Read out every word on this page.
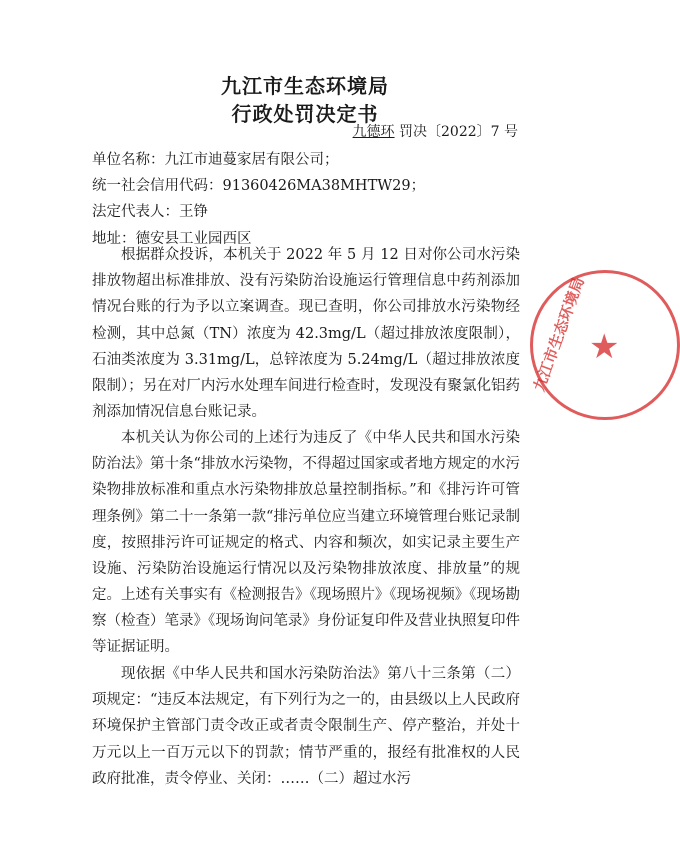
九江市生态环境局
行政处罚决定书
九德环 罚决〔2022〕7 号
单位名称：九江市迪蔓家居有限公司；
统一社会信用代码：91360426MA38MHTW29；
法定代表人：王铮
地址：德安县工业园西区
根据群众投诉，本机关于 2022 年 5 月 12 日对你公司水污染排放物超出标准排放、没有污染防治设施运行管理信息中药剂添加情况台账的行为予以立案调查。现已查明，你公司排放水污染物经检测，其中总氮（TN）浓度为 42.3mg/L（超过排放浓度限制），石油类浓度为 3.31mg/L，总锌浓度为 5.24mg/L（超过排放浓度限制）；另在对厂内污水处理车间进行检查时，发现没有聚氯化铝药剂添加情况信息台账记录。
本机关认为你公司的上述行为违反了《中华人民共和国水污染防治法》第十条“排放水污染物，不得超过国家或者地方规定的水污染物排放标准和重点水污染物排放总量控制指标。”和《排污许可管理条例》第二十一条第一款“排污单位应当建立环境管理台账记录制度，按照排污许可证规定的格式、内容和频次，如实记录主要生产设施、污染防治设施运行情况以及污染物排放浓度、排放量”的规定。 上述有关事实有《检测报告》《现场照片》《现场视频》《现场勘察（检查）笔录》《现场询问笔录》身份证复印件及营业执照复印件等证据证明。
现依据《中华人民共和国水污染防治法》第八十三条第（二）项规定：“违反本法规定，有下列行为之一的，由县级以上人民政府环境保护主管部门责令改正或者责令限制生产、停产整治，并处十万元以上一百万元以下的罚款；情节严重的，报经有批准权的人民政府批准，责令停业、关闭：……（二）超过水污
九江市生态环境局 ★
